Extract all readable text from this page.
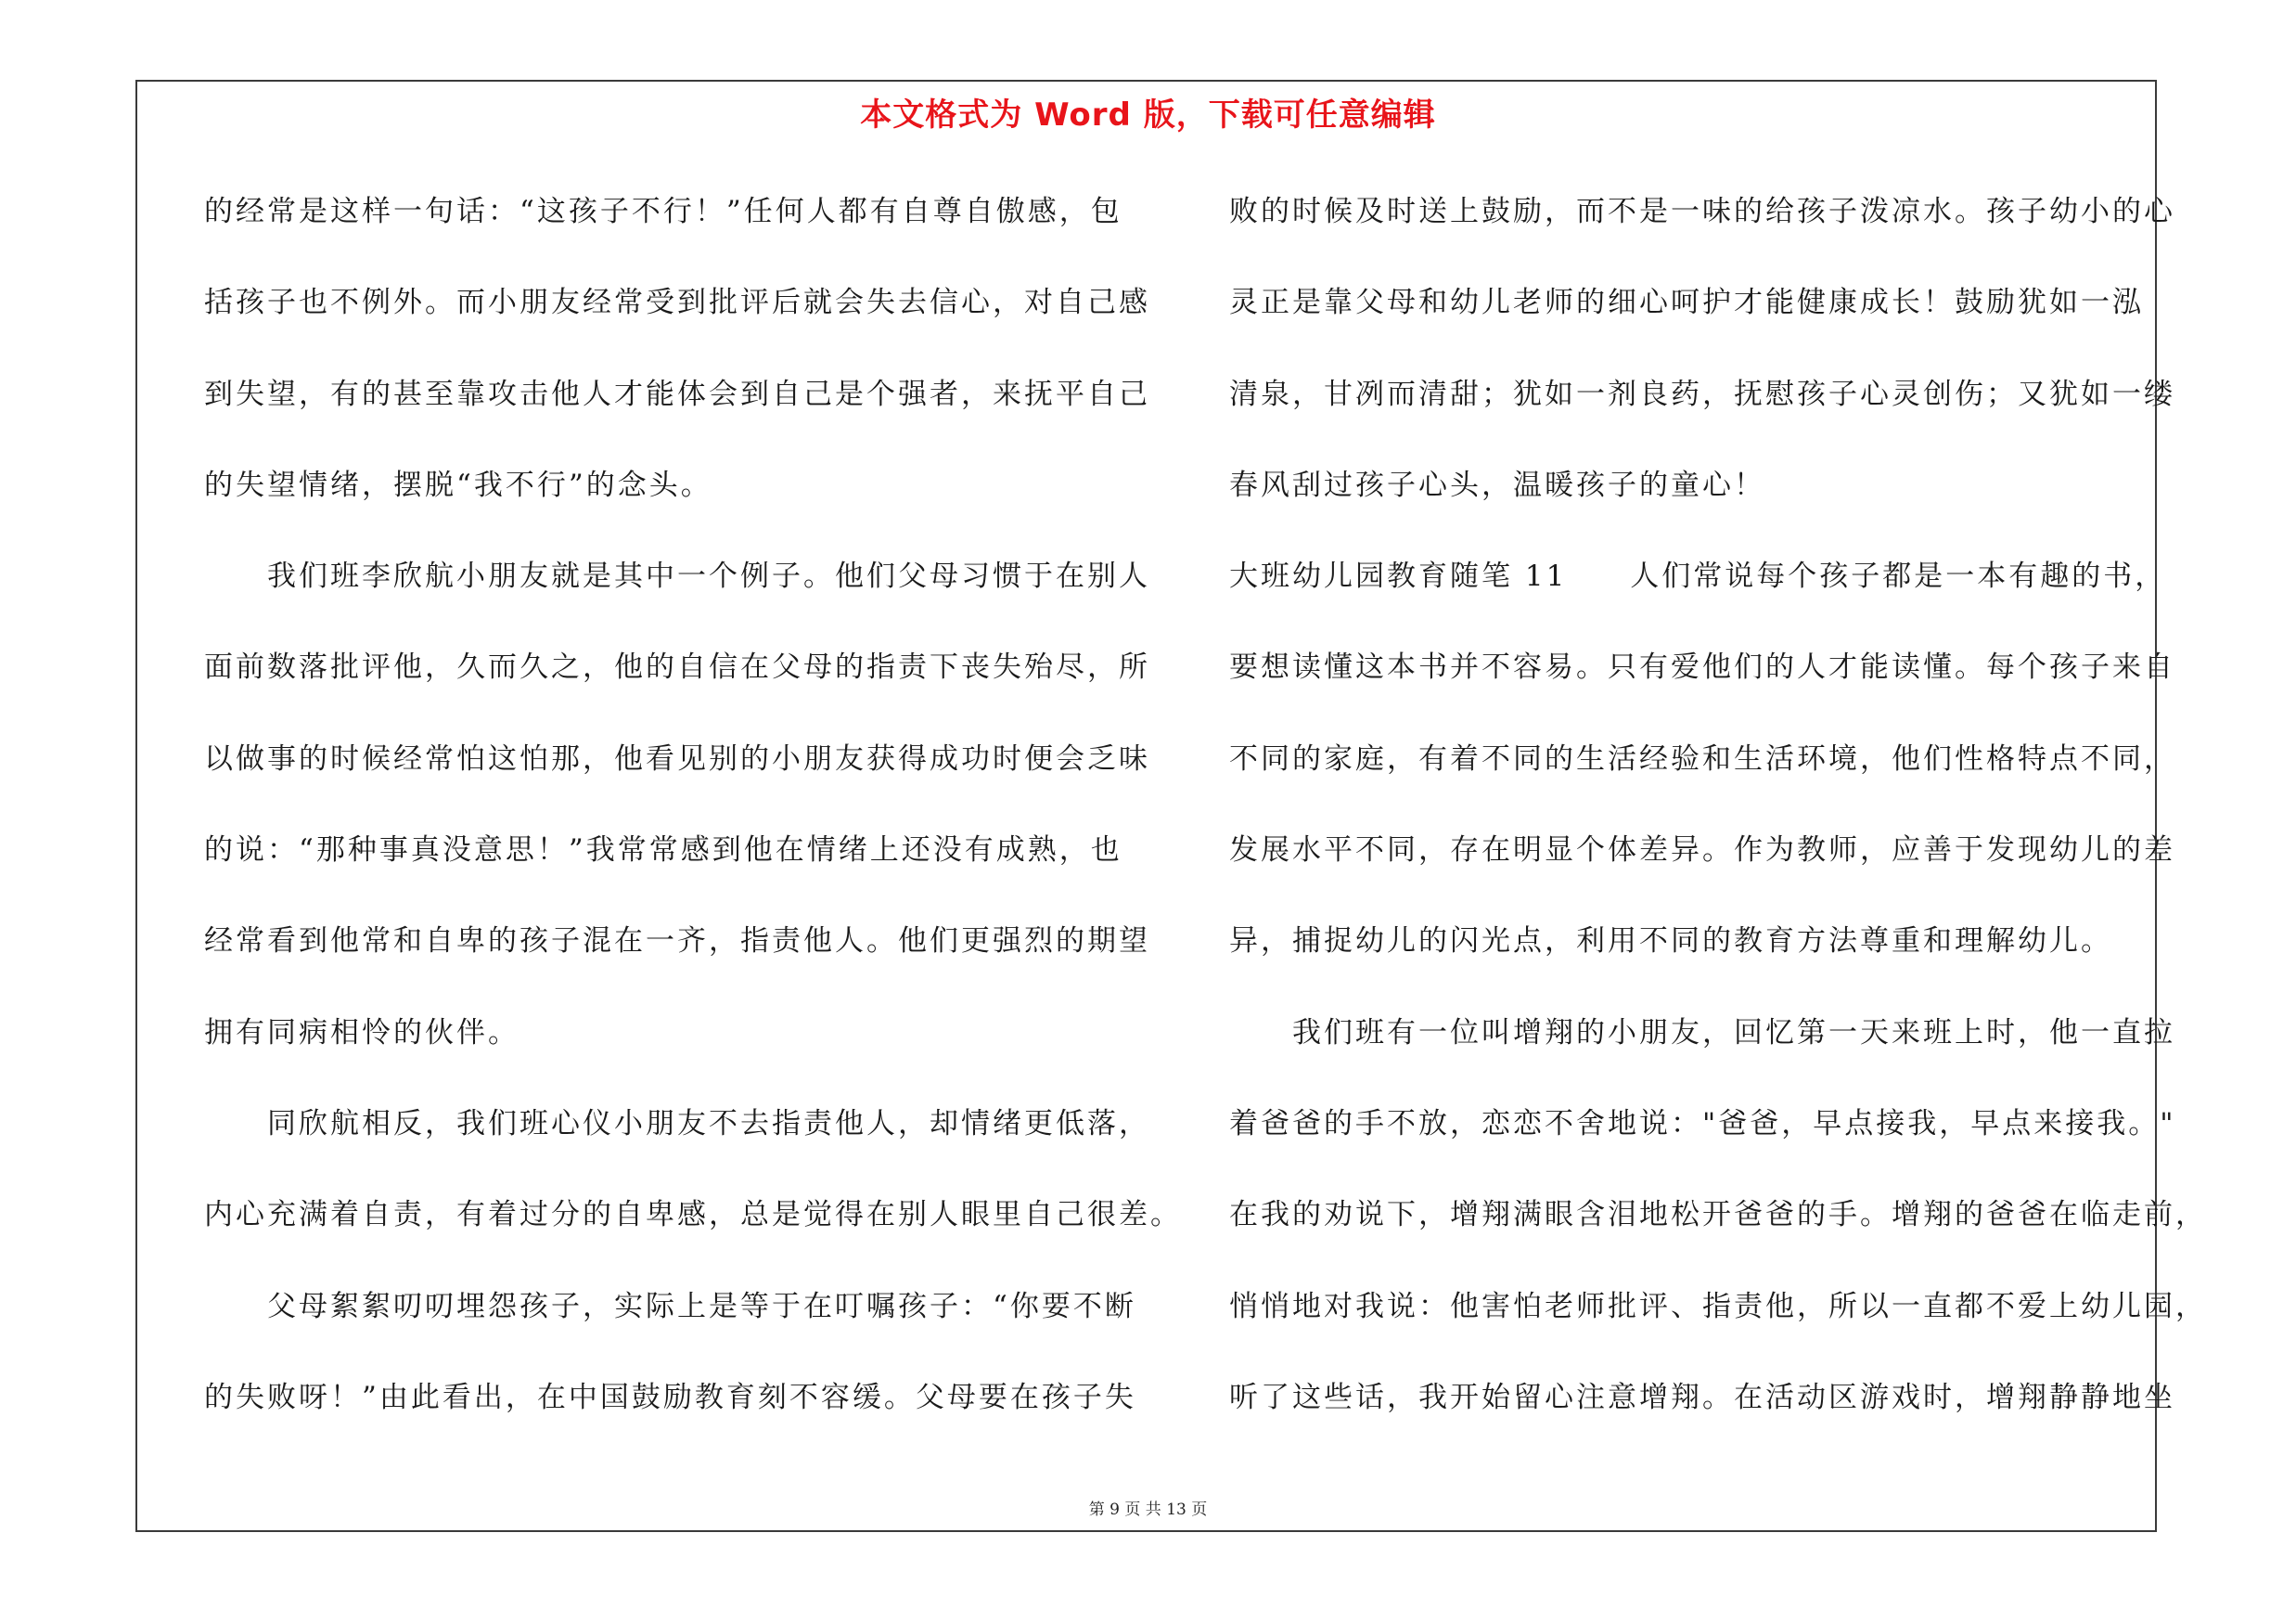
本文格式为 Word 版，下载可任意编辑
的经常是这样一句话：“这孩子不行！”任何人都有自尊自傲感，包
括孩子也不例外。而小朋友经常受到批评后就会失去信心，对自己感
到失望，有的甚至靠攻击他人才能体会到自己是个强者，来抚平自己
的失望情绪，摆脱“我不行”的念头。
我们班李欣航小朋友就是其中一个例子。他们父母习惯于在别人
面前数落批评他，久而久之，他的自信在父母的指责下丧失殆尽，所
以做事的时候经常怕这怕那，他看见别的小朋友获得成功时便会乏味
的说：“那种事真没意思！”我常常感到他在情绪上还没有成熟，也
经常看到他常和自卑的孩子混在一齐，指责他人。他们更强烈的期望
拥有同病相怜的伙伴。
同欣航相反，我们班心仪小朋友不去指责他人，却情绪更低落，
内心充满着自责，有着过分的自卑感，总是觉得在别人眼里自己很差。
父母絮絮叨叨埋怨孩子，实际上是等于在叮嘱孩子：“你要不断
的失败呀！”由此看出，在中国鼓励教育刻不容缓。父母要在孩子失
败的时候及时送上鼓励，而不是一味的给孩子泼凉水。孩子幼小的心
灵正是靠父母和幼儿老师的细心呵护才能健康成长！鼓励犹如一泓
清泉，甘冽而清甜；犹如一剂良药，抚慰孩子心灵创伤；又犹如一缕
春风刮过孩子心头，温暖孩子的童心！
大班幼儿园教育随笔 11　　人们常说每个孩子都是一本有趣的书，
要想读懂这本书并不容易。只有爱他们的人才能读懂。每个孩子来自
不同的家庭，有着不同的生活经验和生活环境，他们性格特点不同，
发展水平不同，存在明显个体差异。作为教师，应善于发现幼儿的差
异，捕捉幼儿的闪光点，利用不同的教育方法尊重和理解幼儿。
我们班有一位叫增翔的小朋友，回忆第一天来班上时，他一直拉
着爸爸的手不放，恋恋不舍地说："爸爸，早点接我，早点来接我。"
在我的劝说下，增翔满眼含泪地松开爸爸的手。增翔的爸爸在临走前，
悄悄地对我说：他害怕老师批评、指责他，所以一直都不爱上幼儿园，
听了这些话，我开始留心注意增翔。在活动区游戏时，增翔静静地坐
第 9 页 共 13 页
